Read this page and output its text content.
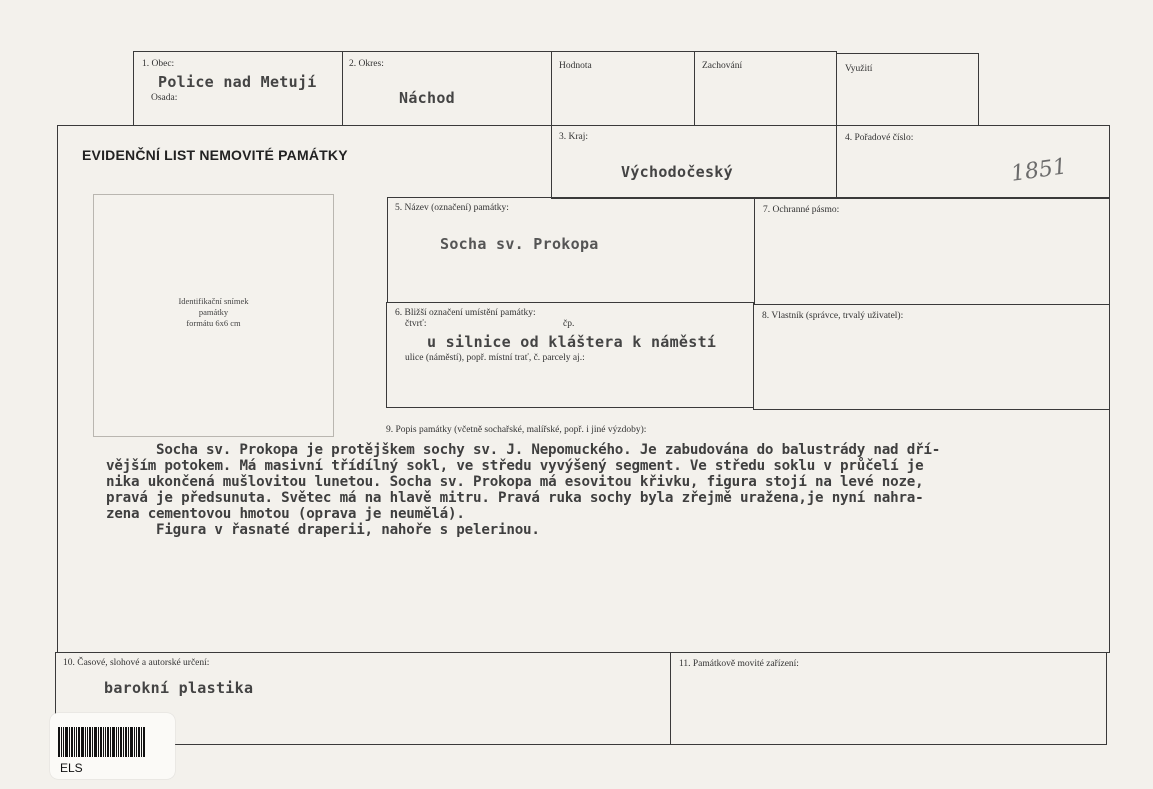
1. Obec:
Police nad Metují
Osada:
2. Okres:
Náchod
Hodnota	Zachování	Využití
EVIDENČNÍ LIST NEMOVITÉ PAMÁTKY
3. Kraj:
Východočeský
4. Pořadové číslo:
1851
Identifikační snímek
památky
formátu 6x6 cm
5. Název (označení) památky:
Socha sv. Prokopa
7. Ochranné pásmo:
6. Bližší označení umístění památky:
čtvrť:	čp.
u silnice od kláštera k náměstí
ulice (náměstí), popř. místní trať, č. parcely aj.:
8. Vlastník (správce, trvalý uživatel):
9. Popis památky (včetně sochařské, malířské, popř. i jiné výzdoby):
Socha sv. Prokopa je protějškem sochy sv. J. Nepomuckého. Je zabudována do balustrády nad dří-
vějším potokem. Má masivní třídílný sokl, ve středu vyvýšený segment. Ve středu soklu v průčelí je
nika ukončená mušlovitou lunetou. Socha sv. Prokopa má esovitou křivku, figura stojí na levé noze,
pravá je předsunuta. Světec má na hlavě mitru. Pravá ruka sochy byla zřejmě uražena,je nyní nahra-
zena cementovou hmotou (oprava je neumělá).
Figura v řasnaté draperii, nahoře s pelerinou.
10. Časové, slohové a autorské určení:
barokní plastika
11. Památkově movité zařízení:
ELS
